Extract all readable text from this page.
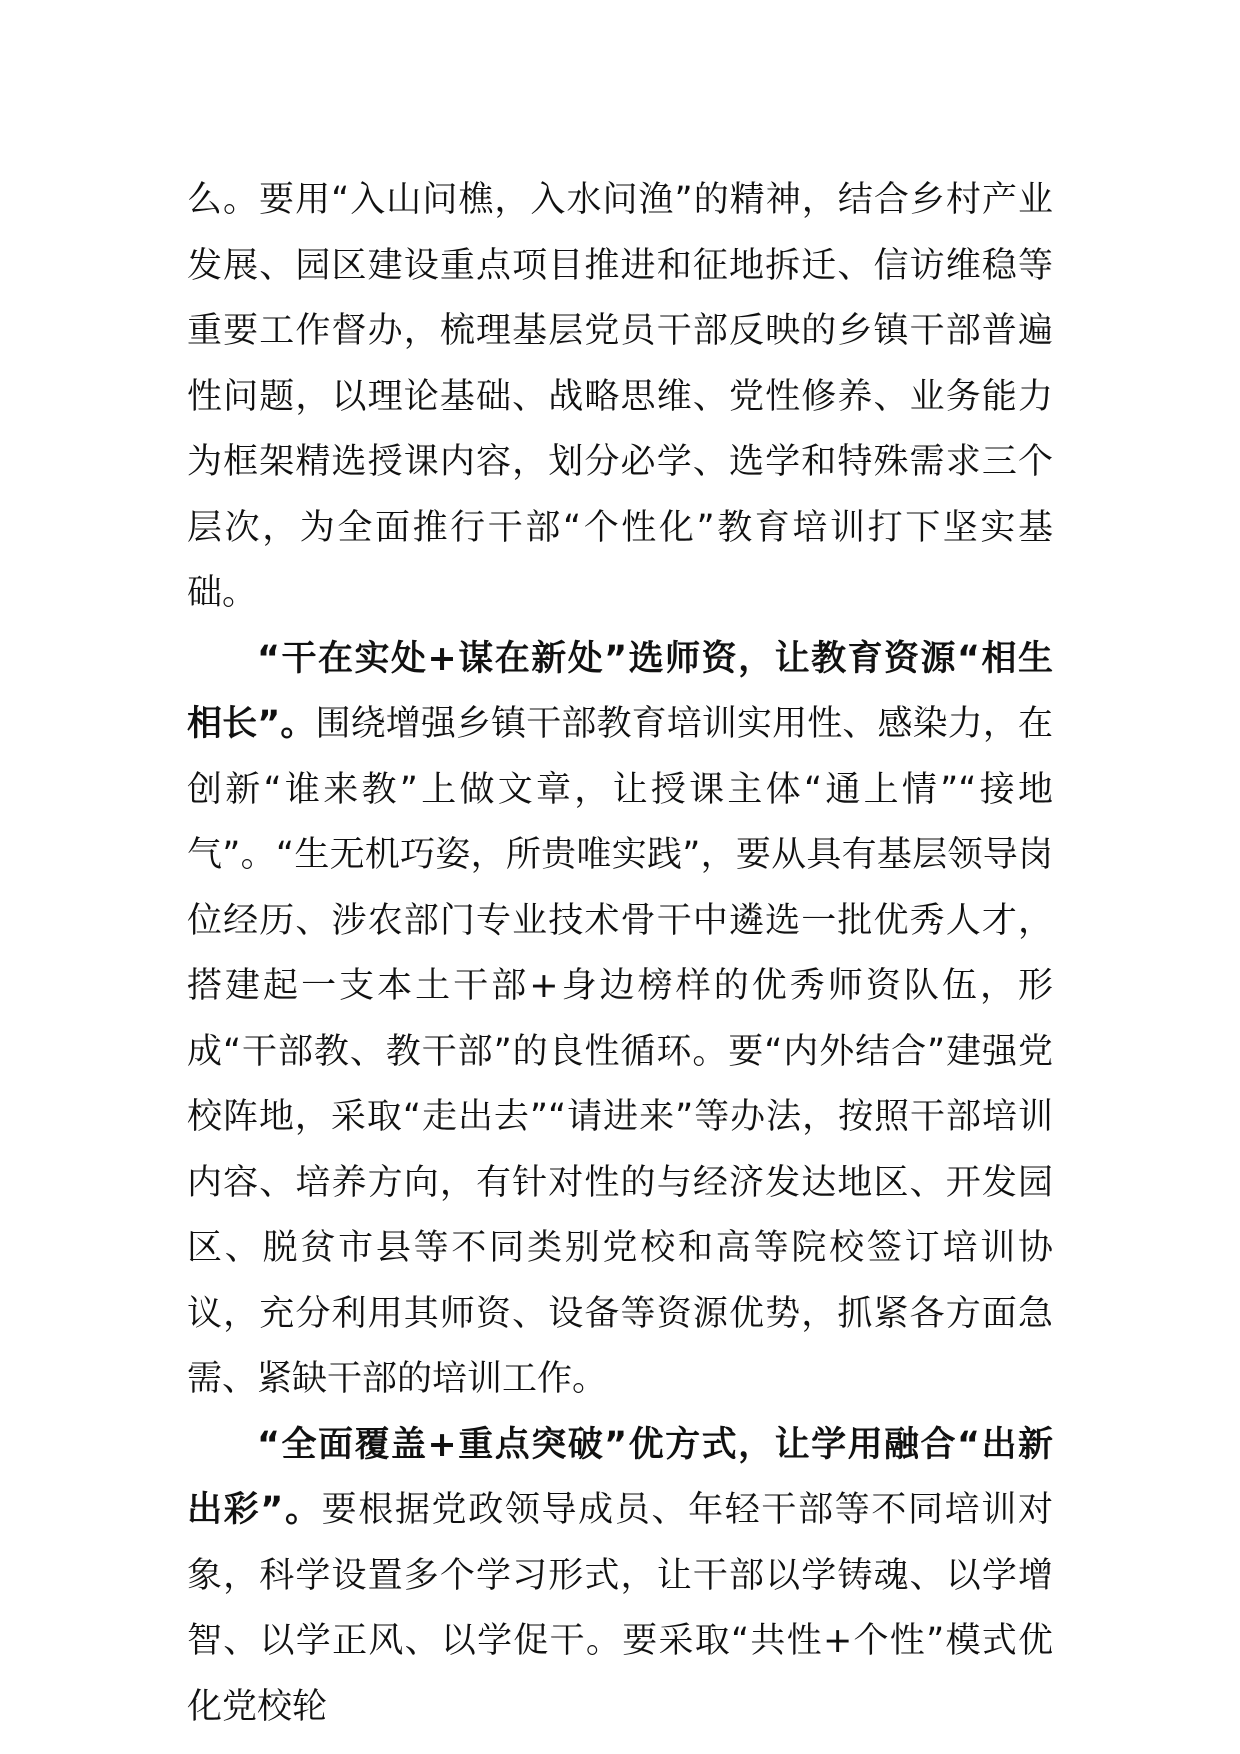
么。要用“入山问樵，入水问渔”的精神，结合乡村产业发展、园区建设重点项目推进和征地拆迁、信访维稳等重要工作督办，梳理基层党员干部反映的乡镇干部普遍性问题，以理论基础、战略思维、党性修养、业务能力为框架精选授课内容，划分必学、选学和特殊需求三个层次，为全面推行干部“个性化”教育培训打下坚实基础。

“干在实处+谋在新处”选师资，让教育资源“相生相长”。围绕增强乡镇干部教育培训实用性、感染力，在创新“谁来教”上做文章，让授课主体“通上情”“接地气”。“生无机巧姿，所贵唯实践”，要从具有基层领导岗位经历、涉农部门专业技术骨干中遴选一批优秀人才，搭建起一支本土干部+身边榜样的优秀师资队伍，形成“干部教、教干部”的良性循环。要“内外结合”建强党校阵地，采取“走出去”“请进来”等办法，按照干部培训内容、培养方向，有针对性的与经济发达地区、开发园区、脱贫市县等不同类别党校和高等院校签订培训协议，充分利用其师资、设备等资源优势，抓紧各方面急需、紧缺干部的培训工作。

“全面覆盖+重点突破”优方式，让学用融合“出新出彩”。要根据党政领导成员、年轻干部等不同培训对象，科学设置多个学习形式，让干部以学铸魂、以学增智、以学正风、以学促干。要采取“共性+个性”模式优化党校轮
